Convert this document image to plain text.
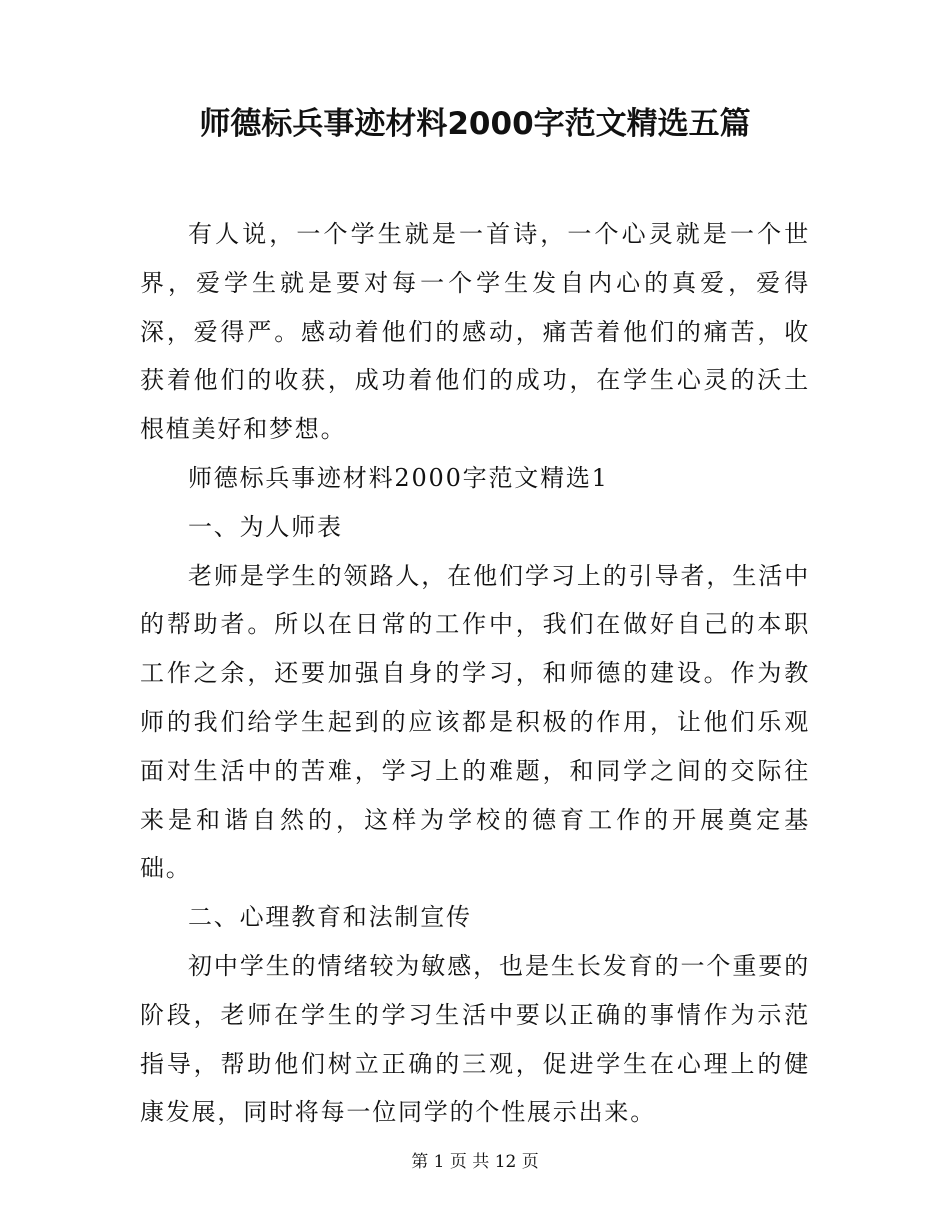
师德标兵事迹材料2000字范文精选五篇

有人说，一个学生就是一首诗，一个心灵就是一个世界，爱学生就是要对每一个学生发自内心的真爱，爱得深，爱得严。感动着他们的感动，痛苦着他们的痛苦，收获着他们的收获，成功着他们的成功，在学生心灵的沃土根植美好和梦想。

师德标兵事迹材料2000字范文精选1

一、为人师表

老师是学生的领路人，在他们学习上的引导者，生活中的帮助者。所以在日常的工作中，我们在做好自己的本职工作之余，还要加强自身的学习，和师德的建设。作为教师的我们给学生起到的应该都是积极的作用，让他们乐观面对生活中的苦难，学习上的难题，和同学之间的交际往来是和谐自然的，这样为学校的德育工作的开展奠定基础。

二、心理教育和法制宣传

初中学生的情绪较为敏感，也是生长发育的一个重要的阶段，老师在学生的学习生活中要以正确的事情作为示范指导，帮助他们树立正确的三观，促进学生在心理上的健康发展，同时将每一位同学的个性展示出来。

第 1 页 共 12 页
